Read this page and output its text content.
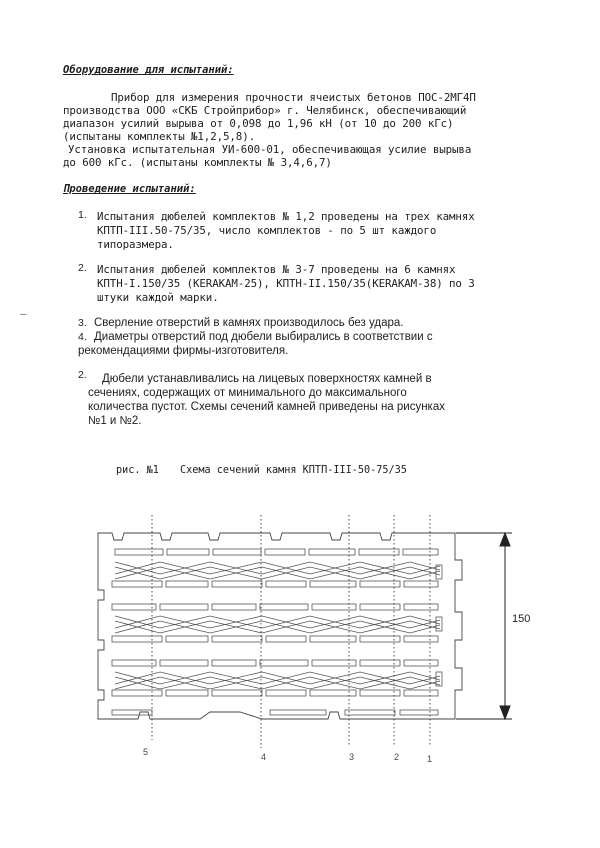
Оборудование для испытаний:
Прибор для измерения прочности ячеистых бетонов ПОС-2МГ4П
производства ООО «СКБ Стройприбор» г. Челябинск, обеспечивающий
диапазон усилий вырыва от 0,098 до 1,96 кН (от 10 до 200 кГс)
(испытаны комплекты №1,2,5,8).
Установка испытательная УИ-600-01, обеспечивающая усилие вырыва
до 600 кГс. (испытаны комплекты № 3,4,6,7)
Проведение испытаний:
1. Испытания дюбелей комплектов № 1,2 проведены на трех камнях
КПТП-III.50-75/35, число комплектов - по 5 шт каждого
типоразмера.
2. Испытания дюбелей комплектов № 3-7 проведены на 6 камнях
КПТН-I.150/35 (KERAKAM-25), КПТН-II.150/35(KERAKAM-38) по 3
штуки каждой марки.
3. Сверление отверстий в камнях производилось без удара.
4. Диаметры отверстий под дюбели выбирались в соответствии с
рекомендациями фирмы-изготовителя.
2. Дюбели устанавливались на лицевых поверхностях камней в
сечениях, содержащих от минимального до максимального
количества пустот. Схемы сечений камней приведены на рисунках
№1 и №2.
–
рис. №1 Схема сечений камня КПТП-III-50-75/35
150
5	4	3	2	1
